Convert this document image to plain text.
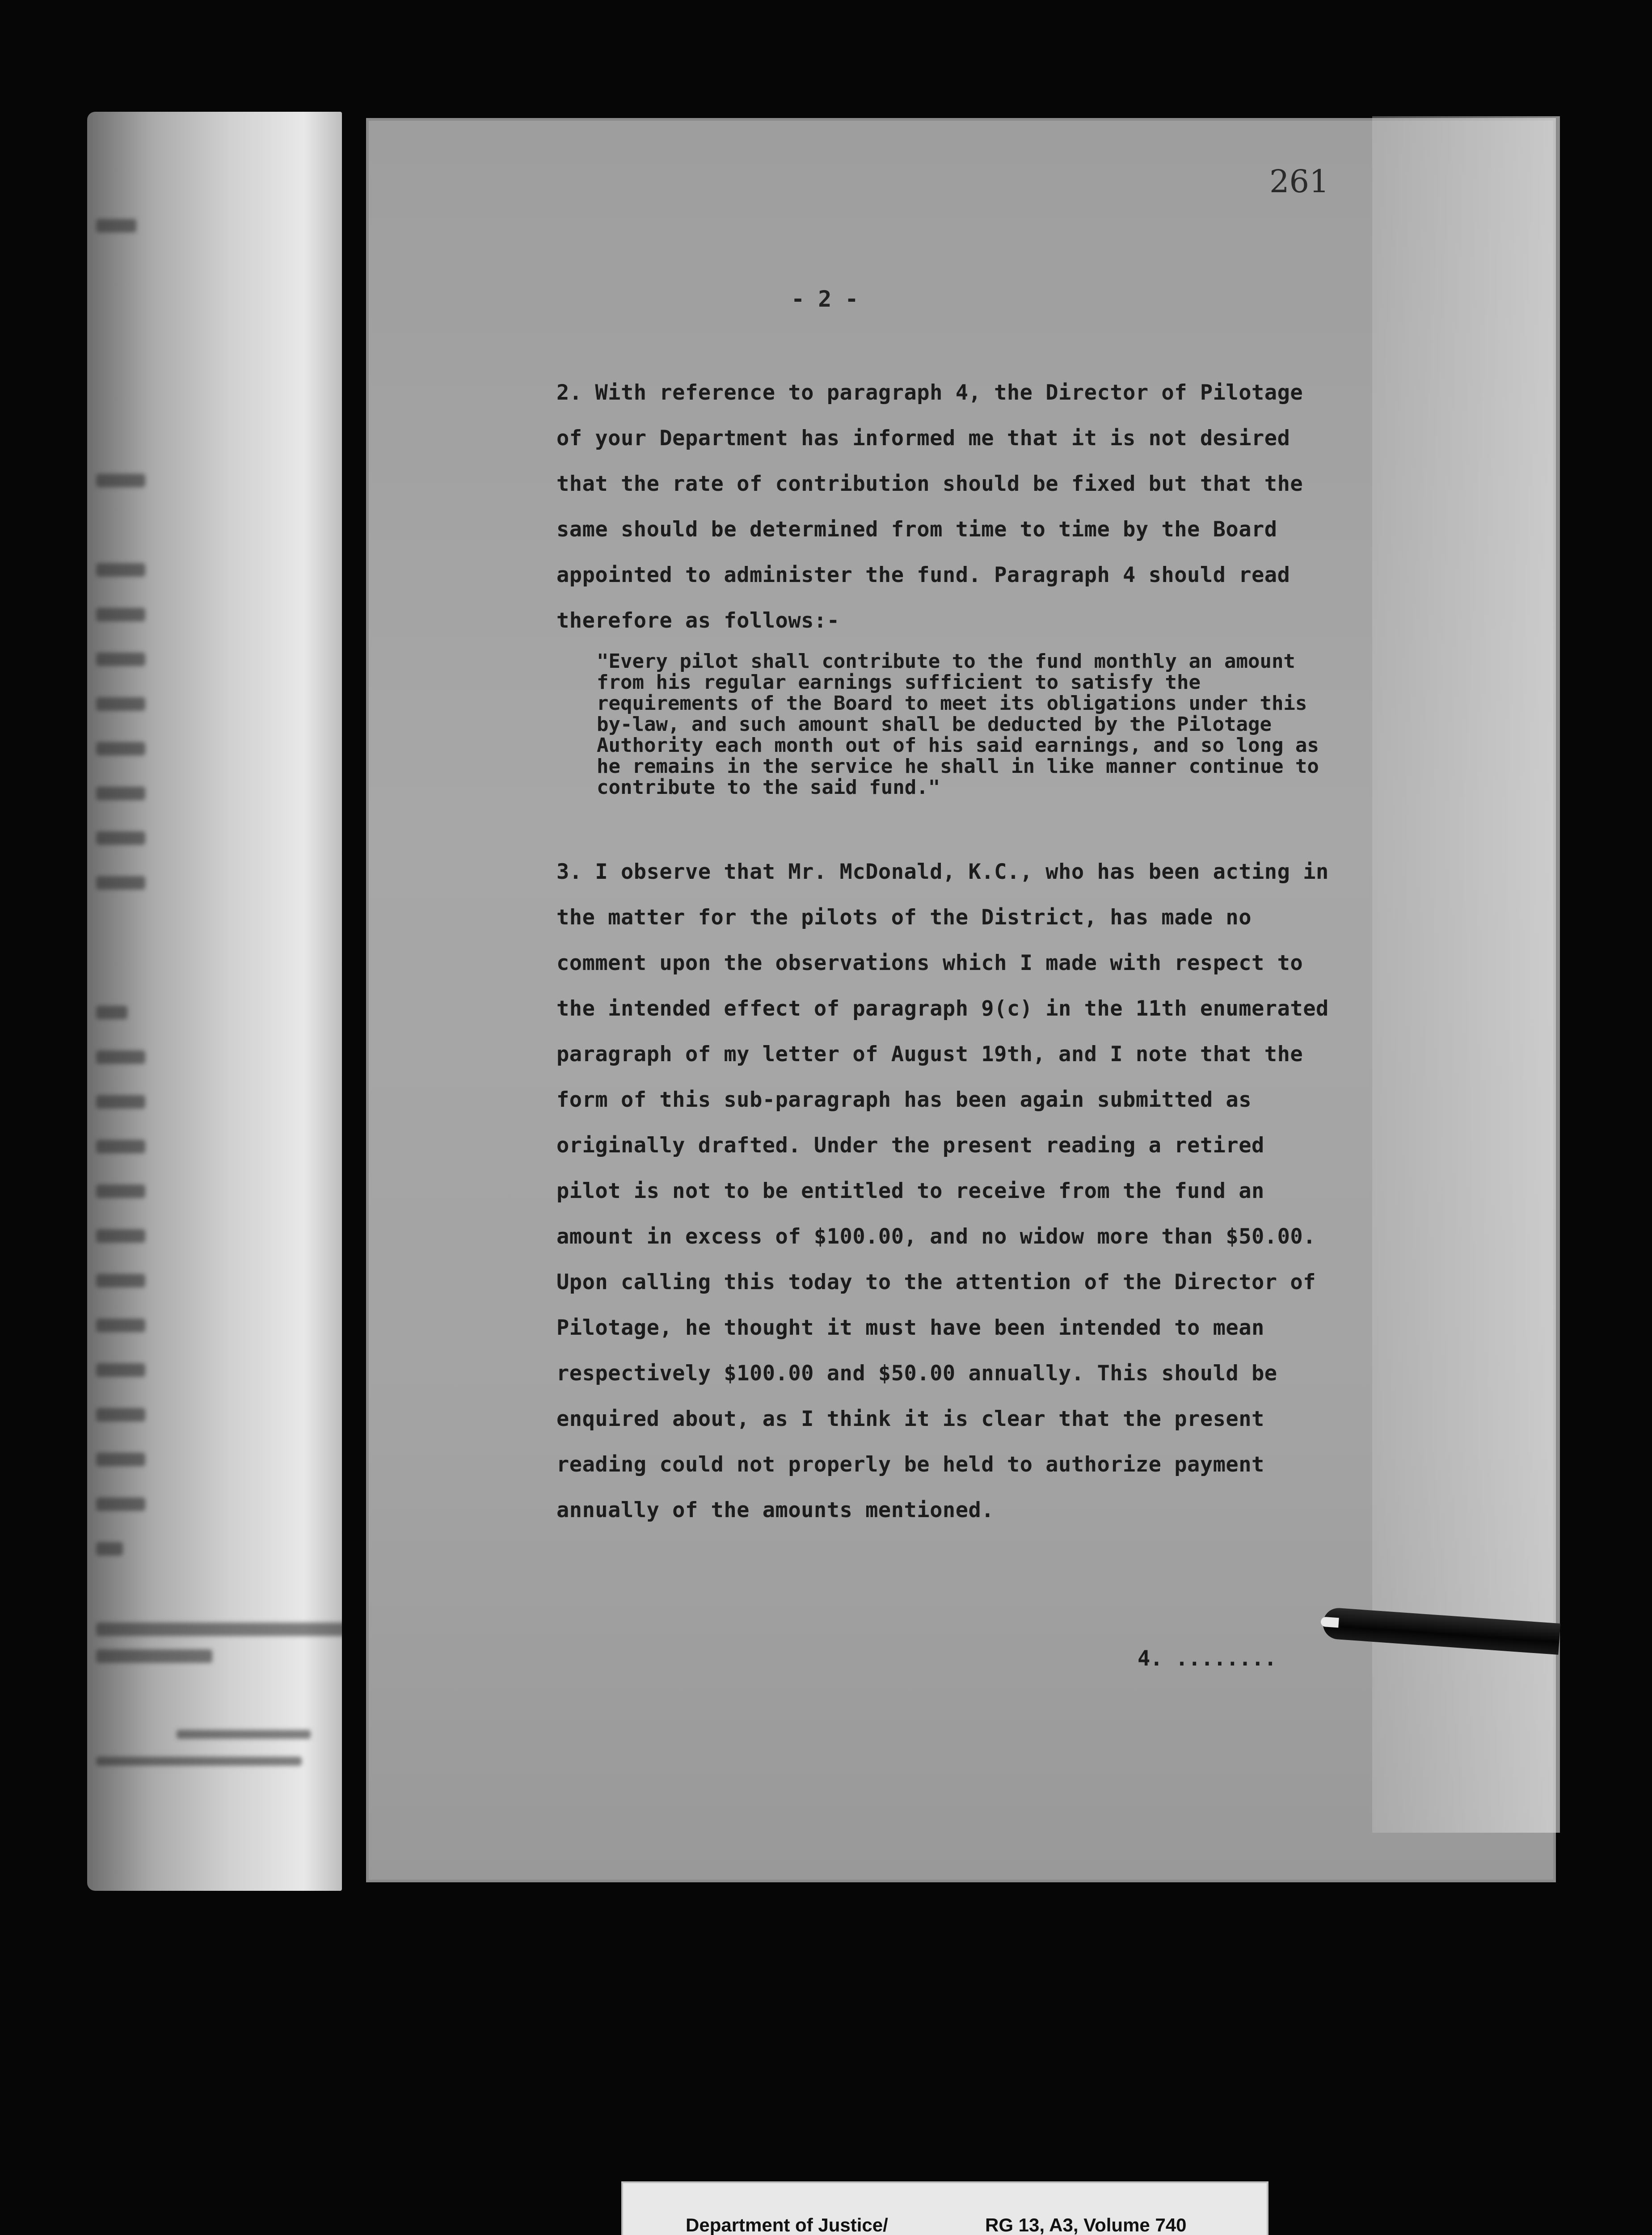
261
- 2 -

2. With reference to paragraph 4, the Director of Pilotage of your Department has informed me that it is not desired that the rate of contribution should be fixed but that the same should be determined from time to time by the Board appointed to administer the fund. Paragraph 4 should read therefore as follows:-

"Every pilot shall contribute to the fund monthly an amount from his regular earnings sufficient to satisfy the requirements of the Board to meet its obligations under this by-law, and such amount shall be deducted by the Pilotage Authority each month out of his said earnings, and so long as he remains in the service he shall in like manner continue to contribute to the said fund."

3. I observe that Mr. McDonald, K.C., who has been acting in the matter for the pilots of the District, has made no comment upon the observations which I made with respect to the intended effect of paragraph 9(c) in the 11th enumerated paragraph of my letter of August 19th, and I note that the form of this sub-paragraph has been again submitted as originally drafted. Under the present reading a retired pilot is not to be entitled to receive from the fund an amount in excess of $100.00, and no widow more than $50.00. Upon calling this today to the attention of the Director of Pilotage, he thought it must have been intended to mean respectively $100.00 and $50.00 annually. This should be enquired about, as I think it is clear that the present reading could not properly be held to authorize payment annually of the amounts mentioned.

4. ........
Department of Justice/	RG 13, A3, Volume 740
